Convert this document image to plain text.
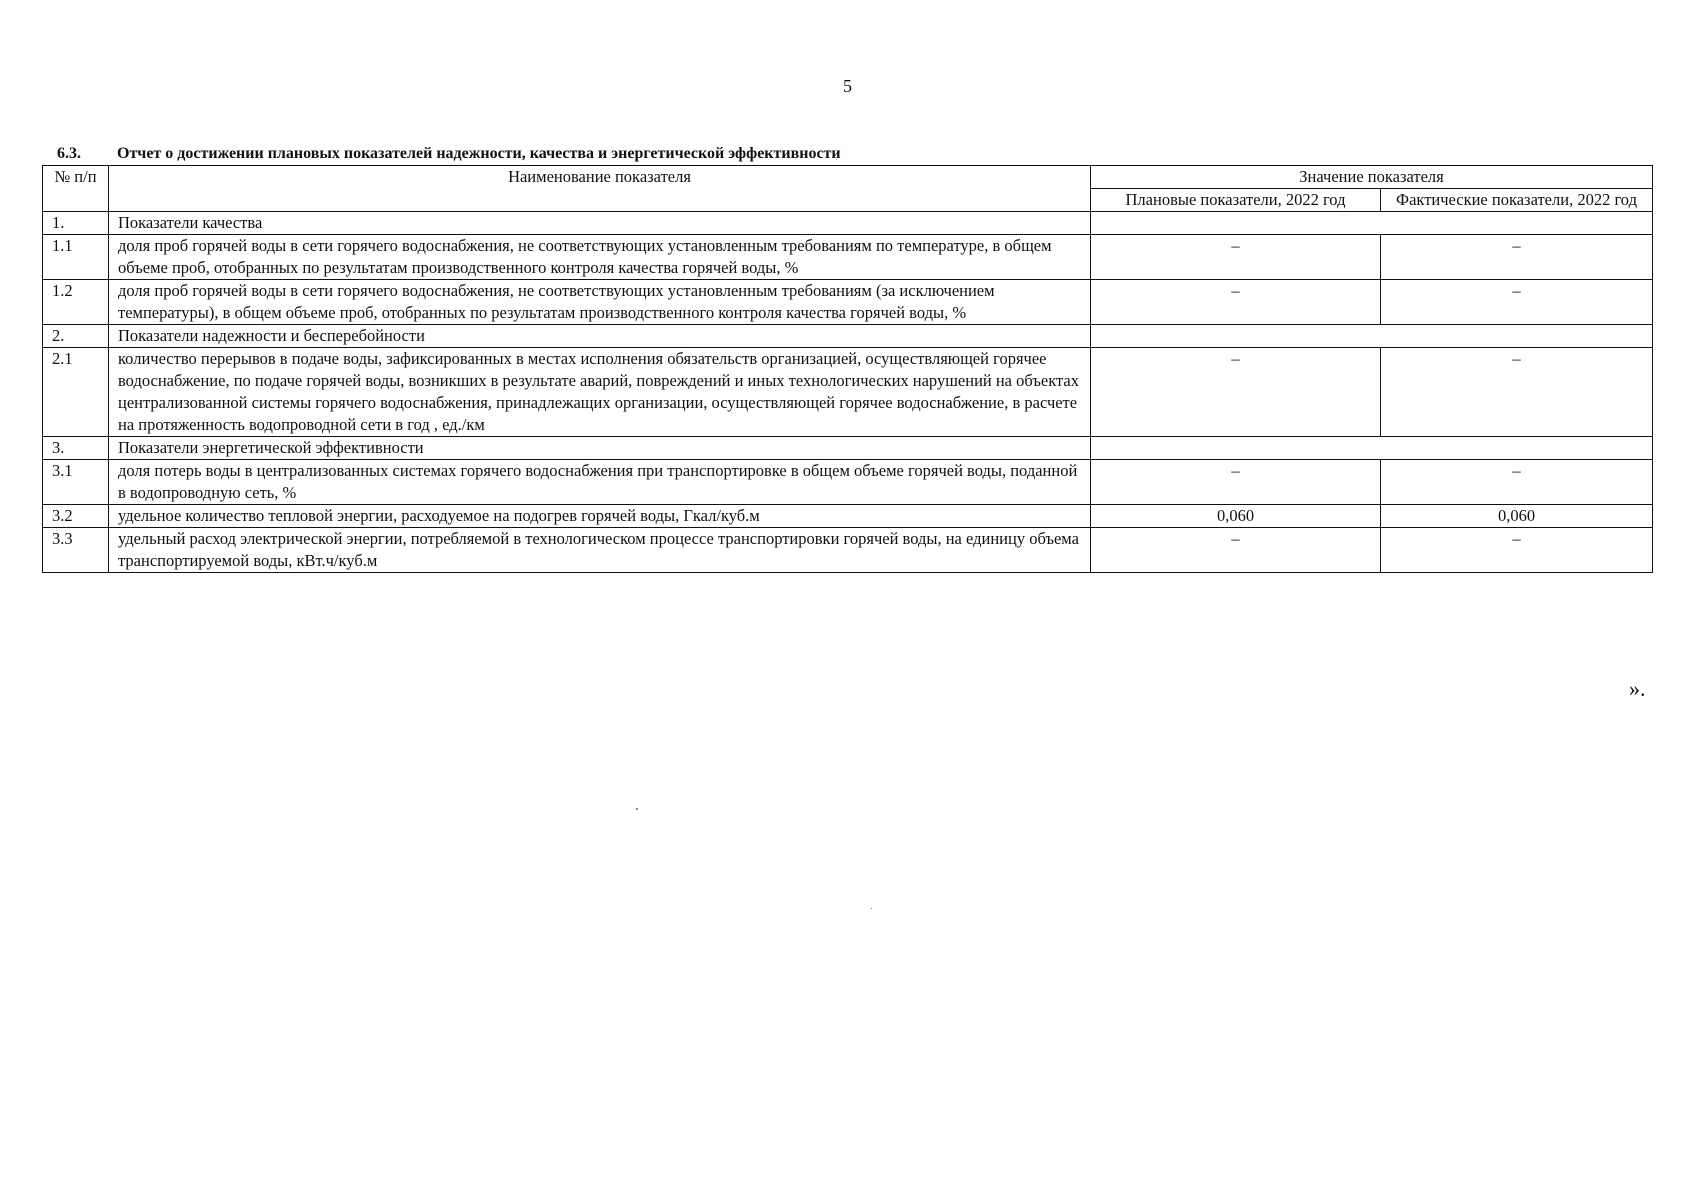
5
6.3. Отчет о достижении плановых показателей надежности, качества и энергетической эффективности
№ п/п	Наименование показателя	Значение показателя	
		Плановые показатели, 2022 год	Фактические показатели, 2022 год
1.	Показатели качества		
1.1	доля проб горячей воды в сети горячего водоснабжения, не соответствующих установленным требованиям по температуре, в общем объеме проб, отобранных по результатам производственного контроля качества горячей воды, %	–	–
1.2	доля проб горячей воды в сети горячего водоснабжения, не соответствующих установленным требованиям (за исключением температуры), в общем объеме проб, отобранных по результатам производственного контроля качества горячей воды, %	–	–
2.	Показатели надежности и бесперебойности		
2.1	количество перерывов в подаче воды, зафиксированных в местах исполнения обязательств организацией, осуществляющей горячее водоснабжение, по подаче горячей воды, возникших в результате аварий, повреждений и иных технологических нарушений на объектах централизованной системы горячего водоснабжения, принадлежащих организации, осуществляющей горячее водоснабжение, в расчете на протяженность водопроводной сети в год , ед./км	–	–
3.	Показатели энергетической эффективности		
3.1	доля потерь воды в централизованных системах горячего водоснабжения при транспортировке в общем объеме горячей воды, поданной в водопроводную сеть, %	–	–
3.2	удельное количество тепловой энергии, расходуемое на подогрев горячей воды, Гкал/куб.м	0,060	0,060
3.3	удельный расход электрической энергии, потребляемой в технологическом процессе транспортировки горячей воды, на единицу объема транспортируемой воды, кВт.ч/куб.м	–	–
».
